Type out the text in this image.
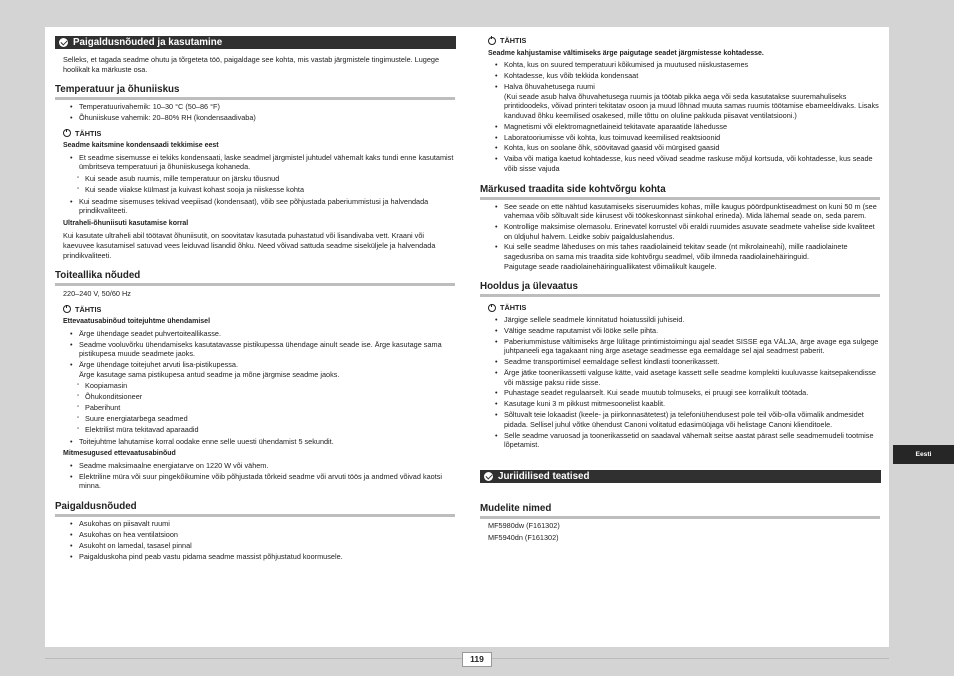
Paigaldusnõuded ja kasutamine
Selleks, et tagada seadme ohutu ja tõrgeteta töö, paigaldage see kohta, mis vastab järgmistele tingimustele. Lugege hoolikalt ka märkuste osa.
Temperatuur ja õhuniiskus
• Temperatuurivahemik: 10–30 °C (50–86 °F)
• Õhuniiskuse vahemik: 20–80% RH (kondensaadivaba)
TÄHTIS
Seadme kaitsmine kondensaadi tekkimise eest
• Et seadme sisemusse ei tekiks kondensaati, laske seadmel järgmistel juhtudel vähemalt kaks tundi enne kasutamist ümbritseva temperatuuri ja õhuniiskusega kohaneda.
▫ Kui seade asub ruumis, mille temperatuur on järsku tõusnud
▫ Kui seade viiakse külmast ja kuivast kohast sooja ja niiskesse kohta
• Kui seadme sisemuses tekivad veepiisad (kondensaat), võib see põhjustada paberiummistusi ja halvendada prindikvaliteeti.
Ultraheli-õhuniisuti kasutamise korral
Kui kasutate ultraheli abil töötavat õhuniisutit, on soovitatav kasutada puhastatud või lisandivaba vett. Kraani või kaevuvee kasutamisel satuvad vees leiduvad lisandid õhku. Need võivad sattuda seadme siseküljele ja halvendada prindikvaliteeti.
Toiteallika nõuded
220–240 V, 50/60 Hz
TÄHTIS
Ettevaatusabinõud toitejuhtme ühendamisel
• Ärge ühendage seadet puhvertoiteallikasse.
• Seadme vooluvõrku ühendamiseks kasutatavasse pistikupessa ühendage ainult seade ise. Ärge kasutage sama pistikupesa muude seadmete jaoks.
• Ärge ühendage toitejuhet arvuti lisa-pistikupessa.
Ärge kasutage sama pistikupesa antud seadme ja mõne järgmise seadme jaoks.
▫ Koopiamasin
▫ Õhukonditsioneer
▫ Paberihunt
▫ Suure energiatarbega seadmed
▫ Elektrilist müra tekitavad aparaadid
• Toitejuhtme lahutamise korral oodake enne selle uuesti ühendamist 5 sekundit.
Mitmesugused ettevaatusabinõud
• Seadme maksimaalne energiatarve on 1220 W või vähem.
• Elektriline müra või suur pingekõikumine võib põhjustada tõrkeid seadme või arvuti töös ja andmed võivad kaotsi minna.
Paigaldusnõuded
• Asukohas on piisavalt ruumi
• Asukohas on hea ventilatsioon
• Asukoht on lamedal, tasasel pinnal
• Paigalduskoha pind peab vastu pidama seadme massist põhjustatud koormusele.
TÄHTIS
Seadme kahjustamise vältimiseks ärge paigutage seadet järgmistesse kohtadesse.
• Kohta, kus on suured temperatuuri kõikumised ja muutused niiskustasemes
• Kohtadesse, kus võib tekkida kondensaat
• Halva õhuvahetusega ruumi
(Kui seade asub halva õhuvahetusega ruumis ja töötab pikka aega või seda kasutatakse suuremahuliseks printidoodeks, võivad printeri tekitatav osoon ja muud lõhnad muuta samas ruumis töötamise ebameeldivaks. Lisaks kanduvad õhku keemilised osakesed, mille tõttu on oluline pakkuda piisavat ventilatsiooni.)
• Magnetismi või elektromagnetlaineid tekitavate aparaatide lähedusse
• Laboratooriumisse või kohta, kus toimuvad keemilised reaktsioonid
• Kohta, kus on soolane õhk, söövitavad gaasid või mürgised gaasid
• Vaiba või matiga kaetud kohtadesse, kus need võivad seadme raskuse mõjul kortsuda, või kohtadesse, kus seade võib sisse vajuda
Märkused traadita side kohtvõrgu kohta
• See seade on ette nähtud kasutamiseks siseruumides kohas, mille kaugus pöördpunktiseadmest on kuni 50 m (see vahemaa võib sõltuvalt side kiirusest või töökeskonnast siinkohal erineda). Mida lähemal seade on, seda parem.
• Kontrollige maksimise olemasolu. Erinevatel korrustel või eraldi ruumides asuvate seadmete vahelise side kvaliteet on üldjuhul halvem. Leidke sobiv paigalduslahendus.
• Kui selle seadme läheduses on mis tahes raadiolaineid tekitav seade (nt mikrolaineahi), mille raadiolainete sagedusriba on sama mis traadita side kohtvõrgu seadmel, võib ilmneda raadiolainehäiringuid.
Paigutage seade raadiolainehäiringuallikatest võimalikult kaugele.
Hooldus ja ülevaatus
TÄHTIS
• Järgige sellele seadmele kinnitatud hoiatussildi juhiseid.
• Vältige seadme raputamist või lööke selle pihta.
• Paberiummistuse vältimiseks ärge lülitage printimistoimingu ajal seadet SISSE ega VÄLJA, ärge avage ega sulgege juhtpaneeli ega tagakaant ning ärge asetage seadmesse ega eemaldage sel ajal seadmest paberit.
• Seadme transportimisel eemaldage sellest kindlasti toonerikassett.
• Ärge jätke toonerikassetti valguse kätte, vaid asetage kassett selle seadme komplekti kuuluvasse kaitsepakendisse või mässige paksu riide sisse.
• Puhastage seadet regulaarselt. Kui seade muutub tolmuseks, ei pruugi see korralikult töötada.
• Kasutage kuni 3 m pikkust mitmesoonelist kaablit.
• Sõltuvalt teie lokaadist (keele- ja piirkonnasätetest) ja telefoniühendusest pole teil võib-olla võimalik andmesidet pidada. Sellisel juhul võtke ühendust Canoni volitatud edasimüüjaga või helistage Canoni klienditoele.
• Selle seadme varuosad ja toonerikassetid on saadaval vähemalt seitse aastat pärast selle seadmemudeli tootmise lõpetamist.
Juriidilised teatised
Mudelite nimed
MF5980dw (F161302)
MF5940dn (F161302)
Eesti
119
